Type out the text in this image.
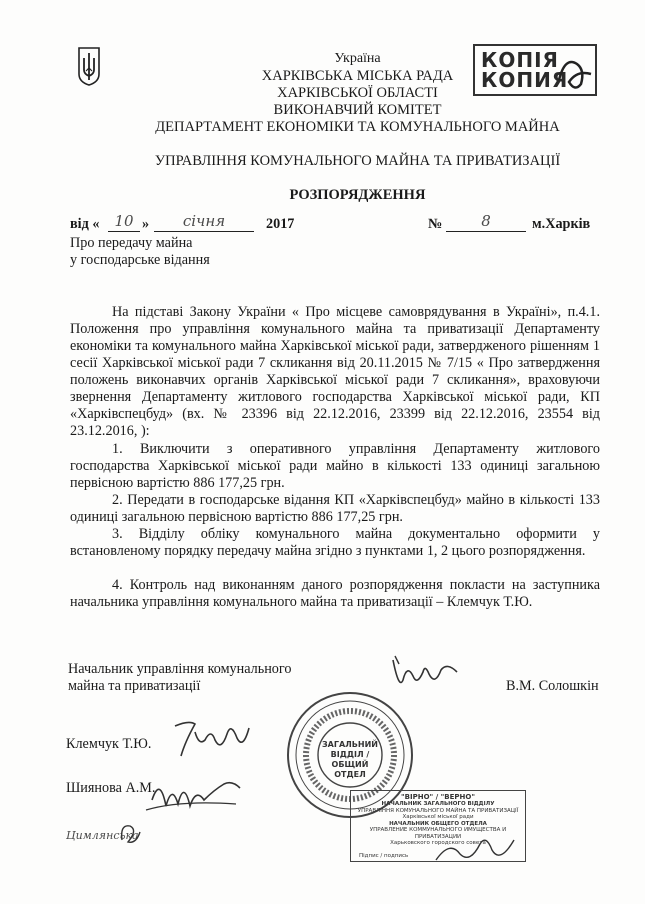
Україна
ХАРКІВСЬКА МІСЬКА РАДА
ХАРКІВСЬКОЇ ОБЛАСТІ
ВИКОНАВЧИЙ КОМІТЕТ
ДЕПАРТАМЕНТ ЕКОНОМІКИ ТА КОМУНАЛЬНОГО МАЙНА
УПРАВЛІННЯ КОМУНАЛЬНОГО МАЙНА ТА ПРИВАТИЗАЦІЇ
РОЗПОРЯДЖЕННЯ
КОПІЯ
КОПИЯ
від «	10 »	січня	2017	№	8	м.Харків
Про передачу майна
у господарське відання
На підставі Закону України « Про місцеве самоврядування в Україні», п.4.1. Положення про управління комунального майна та приватизації Департаменту економіки та комунального майна Харківської міської ради, затвердженого рішенням 1 сесії Харківської міської ради 7 скликання від 20.11.2015 № 7/15 « Про затвердження положень виконавчих органів Харківської міської ради 7 скликання», враховуючи звернення Департаменту житлового господарства Харківської міської ради, КП «Харківспецбуд» (вх. № 23396 від 22.12.2016, 23399 від 22.12.2016, 23554 від 23.12.2016, ):
1. Виключити з оперативного управління Департаменту житлового господарства Харківської міської ради майно в кількості 133 одиниці загальною первісною вартістю 886 177,25 грн.
2. Передати в господарське відання КП «Харківспецбуд» майно в кількості 133 одиниці загальною первісною вартістю 886 177,25 грн.
3. Відділу обліку комунального майна документально оформити у встановленому порядку передачу майна згідно з пунктами 1, 2 цього розпорядження.
4. Контроль над виконанням даного розпорядження покласти на заступника начальника управління комунального майна та приватизації – Клемчук Т.Ю.
Начальник управління комунального
майна та приватизації	В.М. Солошкін
Клемчук Т.Ю.
Шиянова А.М.
Цимлянська
ЗАГАЛЬНИЙ
ВІДДІЛ /
ОБЩИЙ ОТДЕЛ
"ВІРНО" / "ВЕРНО"
НАЧАЛЬНИК ЗАГАЛЬНОГО ВІДДІЛУ
УПРАВЛІННЯ КОМУНАЛЬНОГО МАЙНА ТА ПРИВАТИЗАЦІЇ
Харківської міської ради
НАЧАЛЬНИК ОБЩЕГО ОТДЕЛА
УПРАВЛЕНИЕ КОММУНАЛЬНОГО ИМУЩЕСТВА И ПРИВАТИЗАЦИИ
Харьковского городского совета
Підпис / подпись
